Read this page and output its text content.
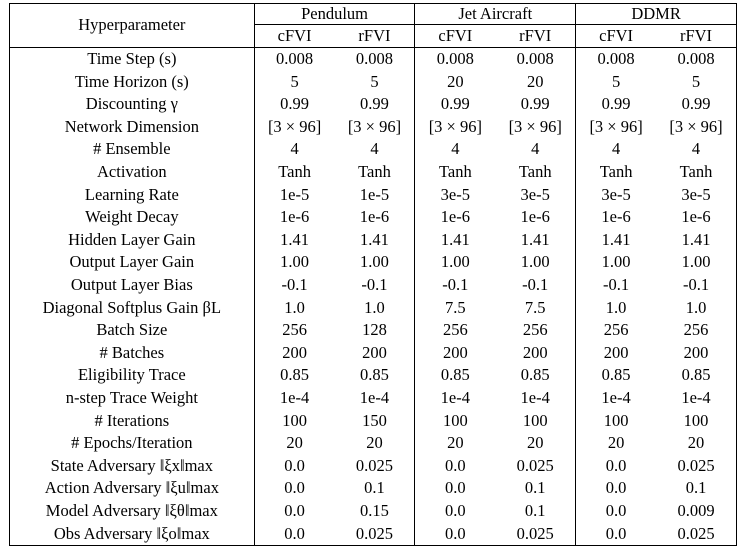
Hyperparameter	Pendulum		Jet Aircraft		DDMR	
	cFVI	rFVI	cFVI	rFVI	cFVI	rFVI
Time Step (s)	0.008	0.008	0.008	0.008	0.008	0.008
Time Horizon (s)	5	5	20	20	5	5
Discounting γ	0.99	0.99	0.99	0.99	0.99	0.99
Network Dimension	[3 × 96]	[3 × 96]	[3 × 96]	[3 × 96]	[3 × 96]	[3 × 96]
# Ensemble	4	4	4	4	4	4
Activation	Tanh	Tanh	Tanh	Tanh	Tanh	Tanh
Learning Rate	1e-5	1e-5	3e-5	3e-5	3e-5	3e-5
Weight Decay	1e-6	1e-6	1e-6	1e-6	1e-6	1e-6
Hidden Layer Gain	1.41	1.41	1.41	1.41	1.41	1.41
Output Layer Gain	1.00	1.00	1.00	1.00	1.00	1.00
Output Layer Bias	-0.1	-0.1	-0.1	-0.1	-0.1	-0.1
Diagonal Softplus Gain βL	1.0	1.0	7.5	7.5	1.0	1.0
Batch Size	256	128	256	256	256	256
# Batches	200	200	200	200	200	200
Eligibility Trace	0.85	0.85	0.85	0.85	0.85	0.85
n-step Trace Weight	1e-4	1e-4	1e-4	1e-4	1e-4	1e-4
# Iterations	100	150	100	100	100	100
# Epochs/Iteration	20	20	20	20	20	20
State Adversary ‖ξx‖max	0.0	0.025	0.0	0.025	0.0	0.025
Action Adversary ‖ξu‖max	0.0	0.1	0.0	0.1	0.0	0.1
Model Adversary ‖ξθ‖max	0.0	0.15	0.0	0.1	0.0	0.009
Obs Adversary ‖ξo‖max	0.0	0.025	0.0	0.025	0.0	0.025
